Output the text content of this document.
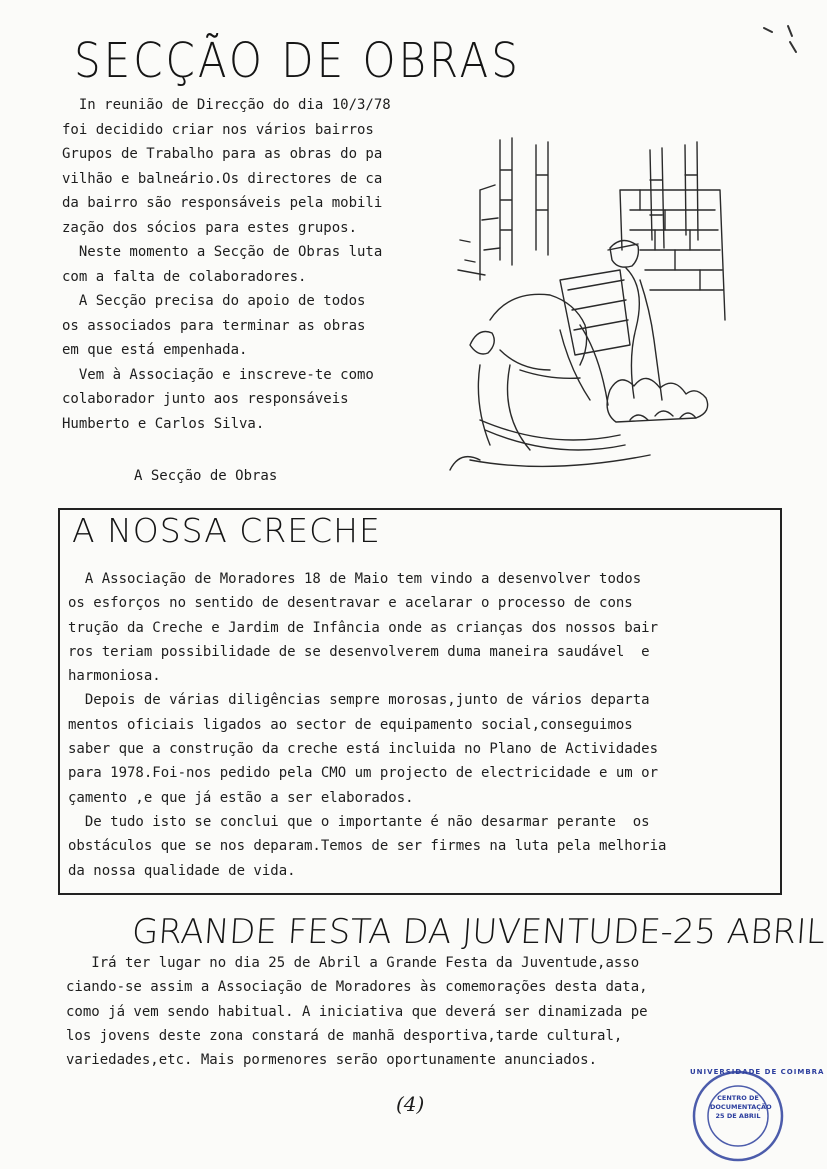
SECÇÃO DE OBRAS
In reunião de Direcção do dia 10/3/78
foi decidido criar nos vários bairros
Grupos de Trabalho para as obras do pa
vilhão e balneário.Os directores de ca
da bairro são responsáveis pela mobili
zação dos sócios para estes grupos.
Neste momento a Secção de Obras luta
com a falta de colaboradores.
A Secção precisa do apoio de todos
os associados para terminar as obras
em que está empenhada.
Vem à Associação e inscreve-te como
colaborador junto aos responsáveis
Humberto e Carlos Silva.
A Secção de Obras
A NOSSA CRECHE
A Associação de Moradores 18 de Maio tem vindo a desenvolver todos
os esforços no sentido de desentravar e acelarar o processo de cons
trução da Creche e Jardim de Infância onde as crianças dos nossos bair
ros teriam possibilidade de se desenvolverem duma maneira saudável  e
harmoniosa.
Depois de várias diligências sempre morosas,junto de vários departa
mentos oficiais ligados ao sector de equipamento social,conseguimos
saber que a construção da creche está incluida no Plano de Actividades
para 1978.Foi-nos pedido pela CMO um projecto de electricidade e um or
çamento ,e que já estão a ser elaborados.
De tudo isto se conclui que o importante é não desarmar perante  os
obstáculos que se nos deparam.Temos de ser firmes na luta pela melhoria
da nossa qualidade de vida.
GRANDE FESTA DA JUVENTUDE-25 ABRIL
Irá ter lugar no dia 25 de Abril a Grande Festa da Juventude,asso
ciando-se assim a Associação de Moradores às comemorações desta data,
como já vem sendo habitual. A iniciativa que deverá ser dinamizada pe
los jovens deste zona constará de manhã desportiva,tarde cultural,
variedades,etc. Mais pormenores serão oportunamente anunciados.
(4)
UNIVERSIDADE DE COIMBRA
CENTRO DE
DOCUMENTAÇÃO
25 DE ABRIL
